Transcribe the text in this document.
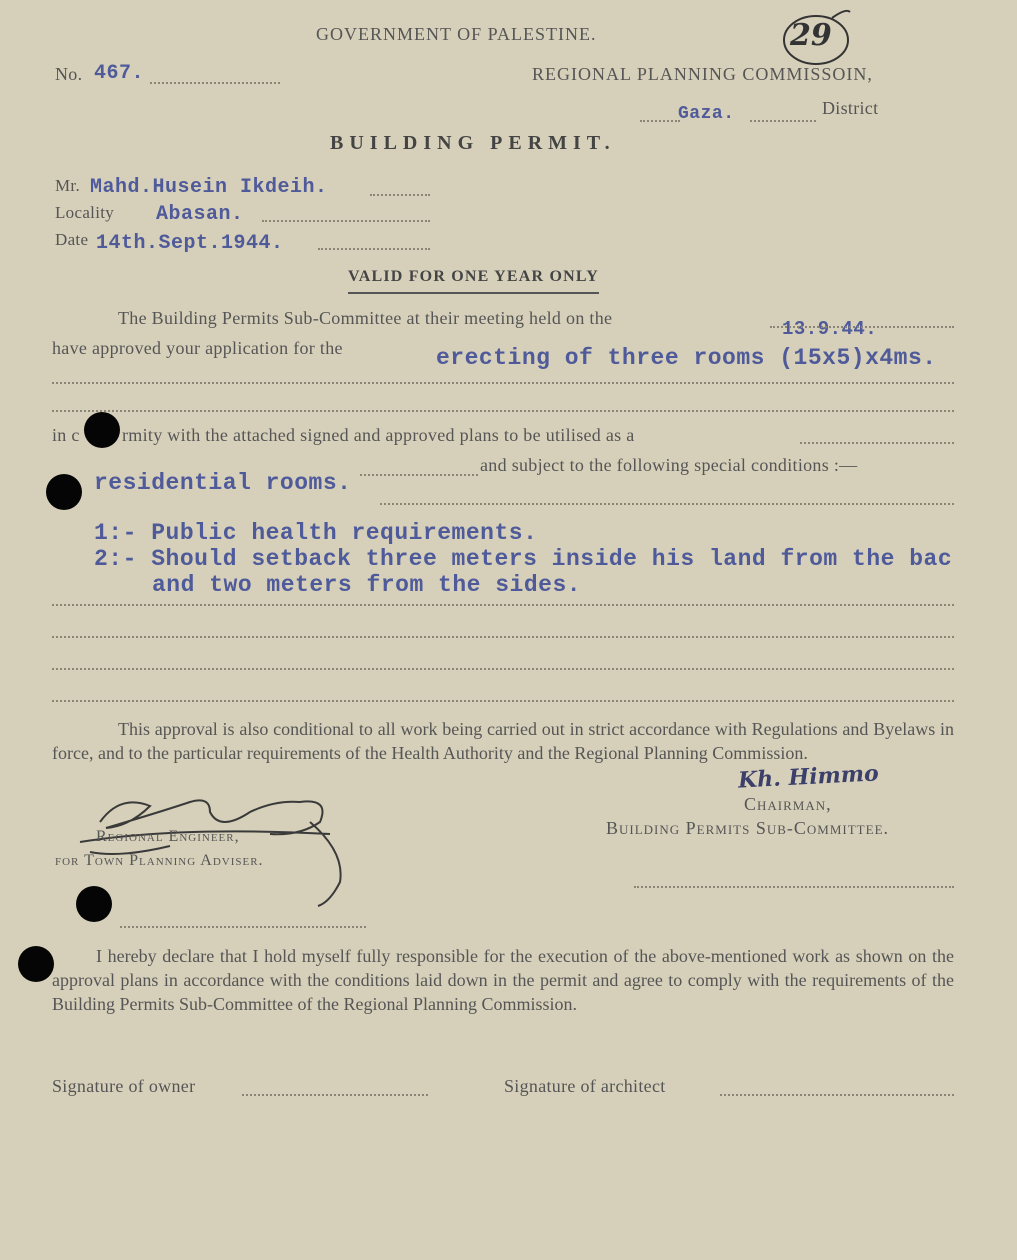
GOVERNMENT OF PALESTINE.	29
No. 467.	REGIONAL PLANNING COMMISSOIN,
Gaza.	District
BUILDING PERMIT.
Mr. Mahd.Husein Ikdeih.
Locality Abasan.
Date 14th.Sept.1944.
VALID FOR ONE YEAR ONLY
The Building Permits Sub-Committee at their meeting held on the	13.9.44.
have approved your application for the	erecting of three rooms (15x5)x4ms.
in c rmity with the attached signed and approved plans to be utilised as a
residential rooms.
and subject to the following special conditions :—
1:- Public health requirements.
2:- Should setback three meters inside his land from the bac
and two meters from the sides.
This approval is also conditional to all work being carried out in strict accordance with Regulations and Byelaws in force, and to the particular requirements of the Health Authority and the Regional Planning Commission.
Kh. Himmo
Chairman,
Building Permits Sub-Committee.
Regional Engineer,
for Town Planning Adviser.
I hereby declare that I hold myself fully responsible for the execution of the above-mentioned work as shown on the approval plans in accordance with the conditions laid down in the permit and agree to comply with the requirements of the Building Permits Sub-Committee of the Regional Planning Commission.
Signature of owner	Signature of architect
